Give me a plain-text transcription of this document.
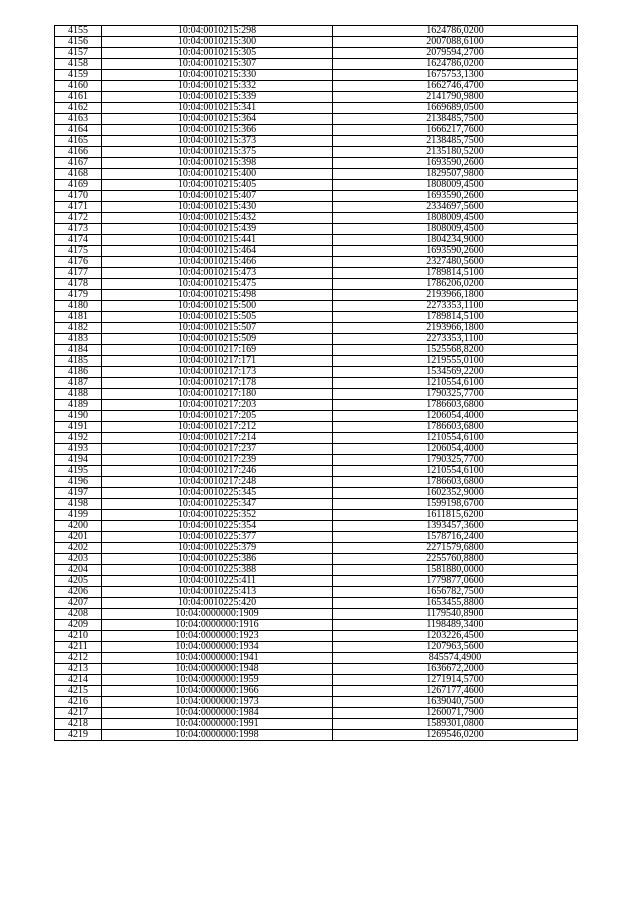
4155	10:04:0010215:298	1624786,0200
4156	10:04:0010215:300	2007088,6100
4157	10:04:0010215:305	2079594,2700
4158	10:04:0010215:307	1624786,0200
4159	10:04:0010215:330	1675753,1300
4160	10:04:0010215:332	1662746,4700
4161	10:04:0010215:339	2141790,9800
4162	10:04:0010215:341	1669689,0500
4163	10:04:0010215:364	2138485,7500
4164	10:04:0010215:366	1666217,7600
4165	10:04:0010215:373	2138485,7500
4166	10:04:0010215:375	2135180,5200
4167	10:04:0010215:398	1693590,2600
4168	10:04:0010215:400	1829507,9800
4169	10:04:0010215:405	1808009,4500
4170	10:04:0010215:407	1693590,2600
4171	10:04:0010215:430	2334697,5600
4172	10:04:0010215:432	1808009,4500
4173	10:04:0010215:439	1808009,4500
4174	10:04:0010215:441	1804234,9000
4175	10:04:0010215:464	1693590,2600
4176	10:04:0010215:466	2327480,5600
4177	10:04:0010215:473	1789814,5100
4178	10:04:0010215:475	1786206,0200
4179	10:04:0010215:498	2193966,1800
4180	10:04:0010215:500	2273353,1100
4181	10:04:0010215:505	1789814,5100
4182	10:04:0010215:507	2193966,1800
4183	10:04:0010215:509	2273353,1100
4184	10:04:0010217:169	1525568,8200
4185	10:04:0010217:171	1219555,0100
4186	10:04:0010217:173	1534569,2200
4187	10:04:0010217:178	1210554,6100
4188	10:04:0010217:180	1790325,7700
4189	10:04:0010217:203	1786603,6800
4190	10:04:0010217:205	1206054,4000
4191	10:04:0010217:212	1786603,6800
4192	10:04:0010217:214	1210554,6100
4193	10:04:0010217:237	1206054,4000
4194	10:04:0010217:239	1790325,7700
4195	10:04:0010217:246	1210554,6100
4196	10:04:0010217:248	1786603,6800
4197	10:04:0010225:345	1602352,9000
4198	10:04:0010225:347	1599198,6700
4199	10:04:0010225:352	1611815,6200
4200	10:04:0010225:354	1393457,3600
4201	10:04:0010225:377	1578716,2400
4202	10:04:0010225:379	2271579,6800
4203	10:04:0010225:386	2255760,8800
4204	10:04:0010225:388	1581880,0000
4205	10:04:0010225:411	1779877,0600
4206	10:04:0010225:413	1656782,7500
4207	10:04:0010225:420	1653455,8800
4208	10:04:0000000:1909	1179540,8900
4209	10:04:0000000:1916	1198489,3400
4210	10:04:0000000:1923	1203226,4500
4211	10:04:0000000:1934	1207963,5600
4212	10:04:0000000:1941	845574,4900
4213	10:04:0000000:1948	1636672,2000
4214	10:04:0000000:1959	1271914,5700
4215	10:04:0000000:1966	1267177,4600
4216	10:04:0000000:1973	1639040,7500
4217	10:04:0000000:1984	1260071,7900
4218	10:04:0000000:1991	1589301,0800
4219	10:04:0000000:1998	1269546,0200
